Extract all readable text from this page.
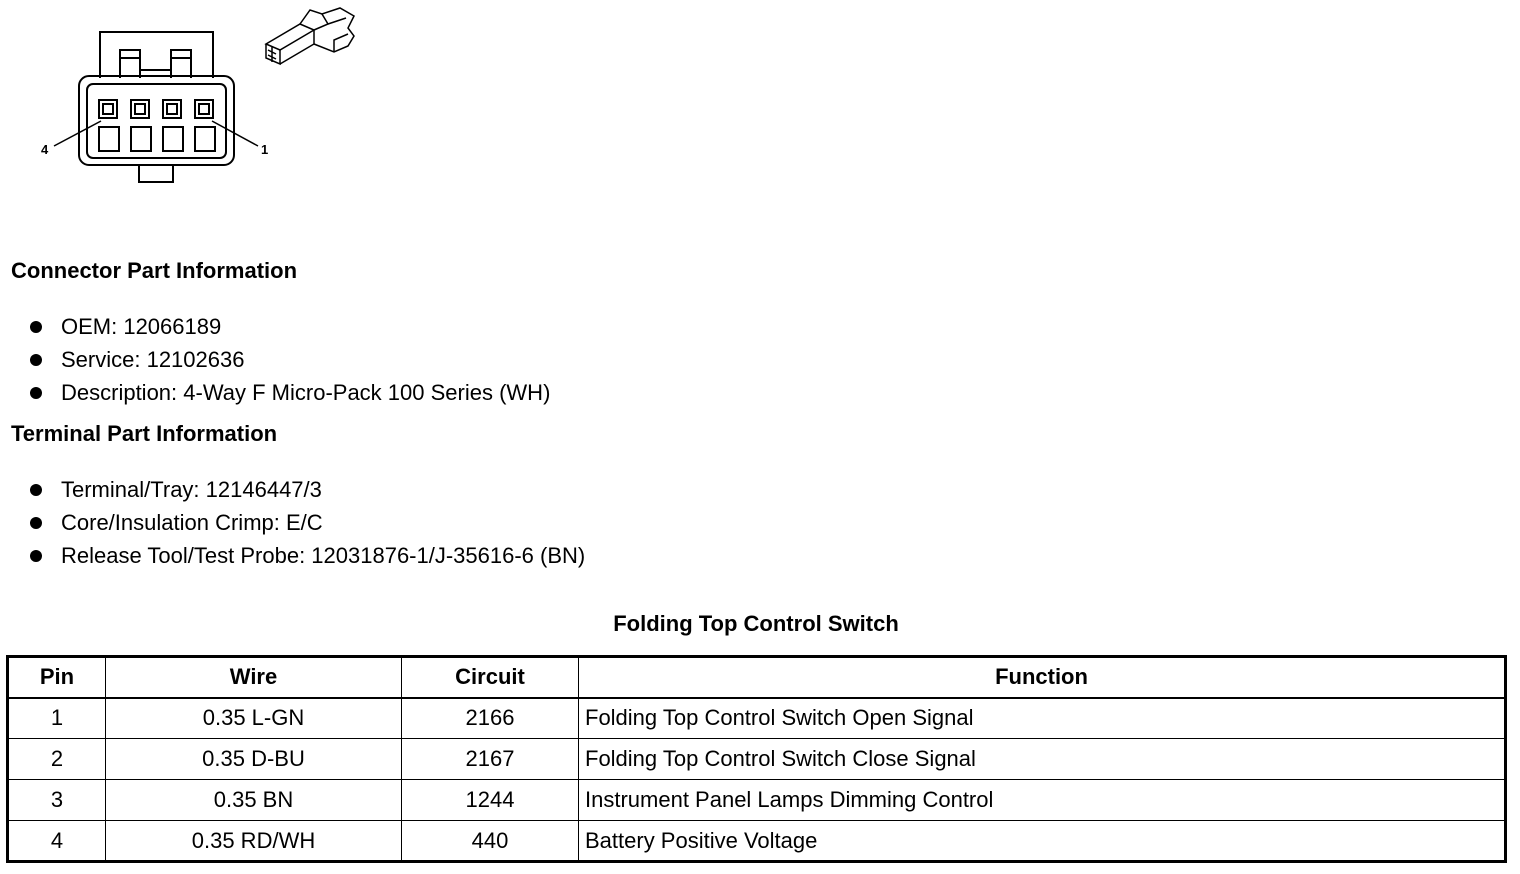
4	1
Connector Part Information
OEM: 12066189
Service: 12102636
Description: 4-Way F Micro-Pack 100 Series (WH)
Terminal Part Information
Terminal/Tray: 12146447/3
Core/Insulation Crimp: E/C
Release Tool/Test Probe: 12031876-1/J-35616-6 (BN)
Folding Top Control Switch
Pin	Wire	Circuit	Function
1	0.35 L-GN	2166	Folding Top Control Switch Open Signal
2	0.35 D-BU	2167	Folding Top Control Switch Close Signal
3	0.35 BN	1244	Instrument Panel Lamps Dimming Control
4	0.35 RD/WH	440	Battery Positive Voltage
